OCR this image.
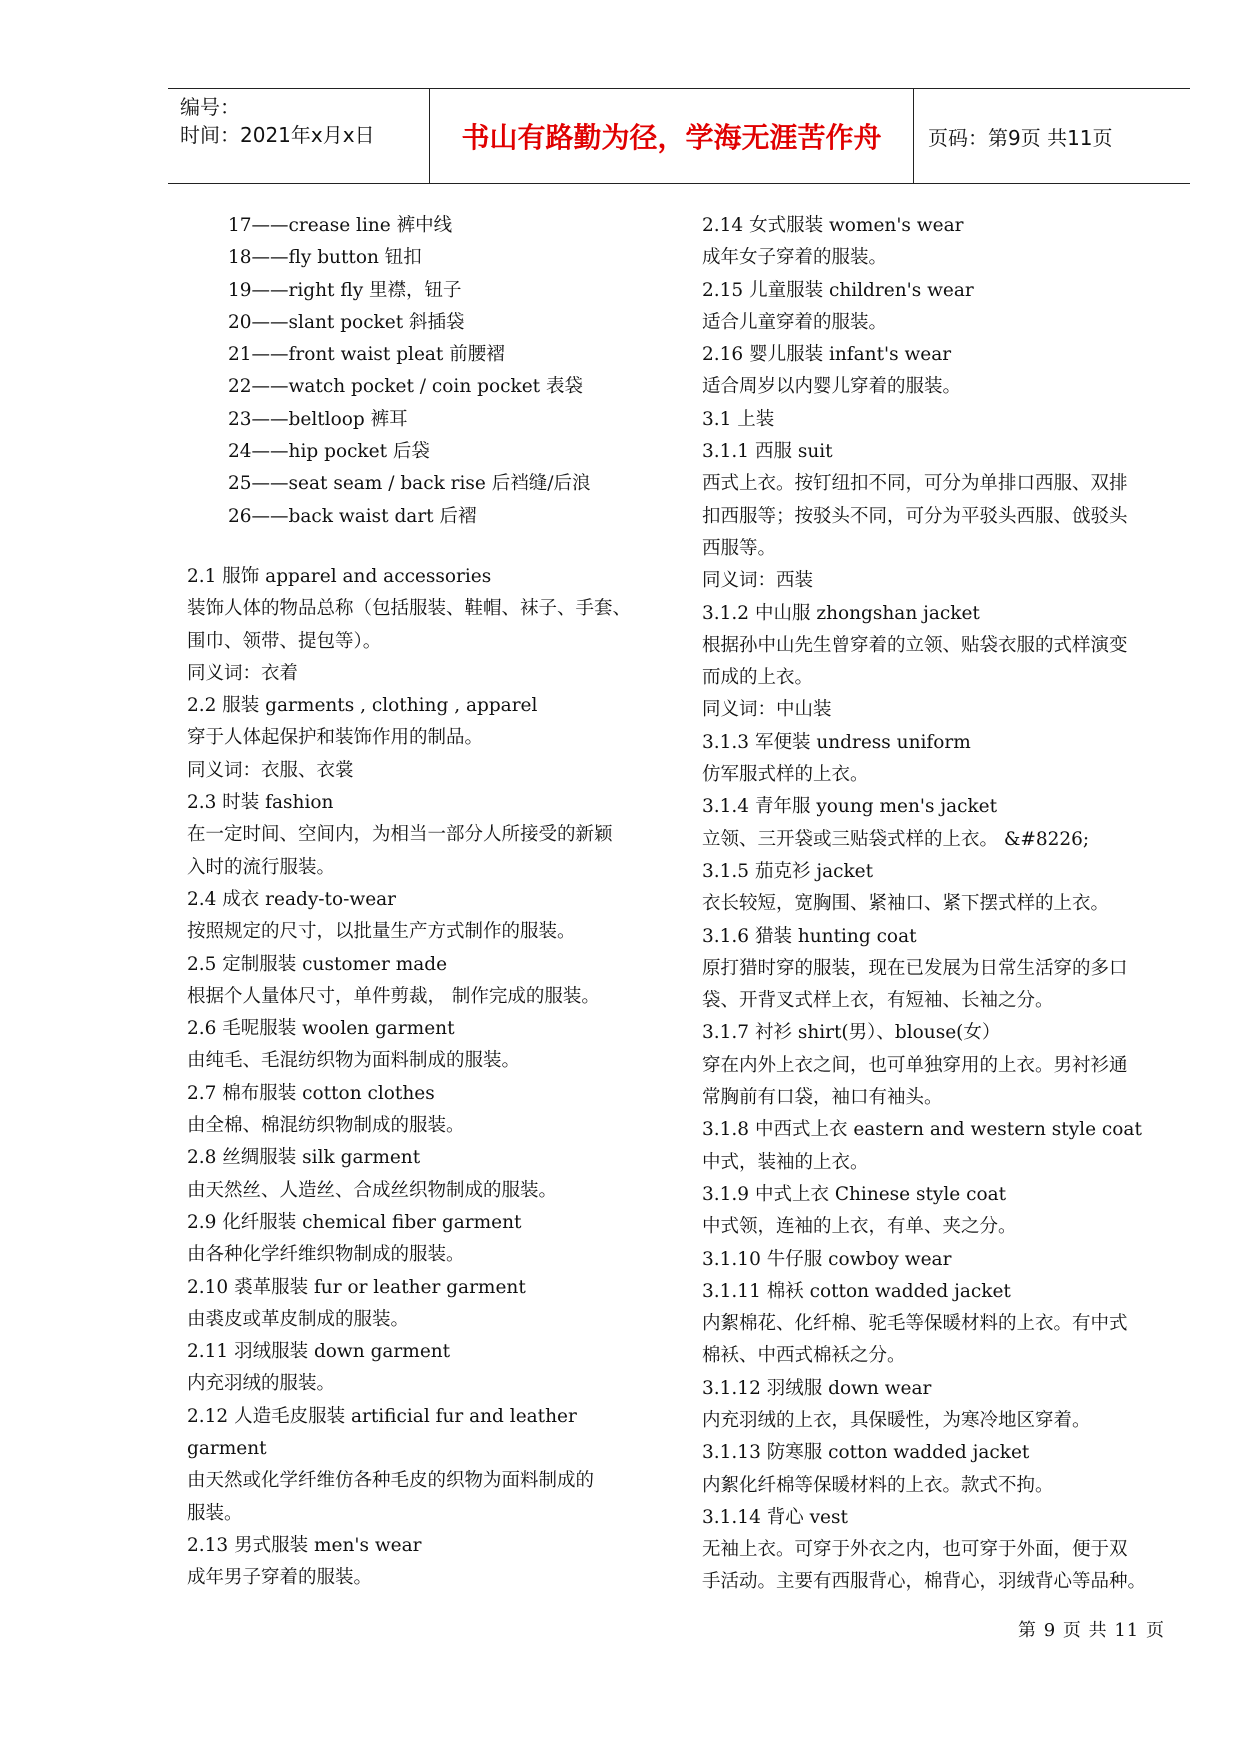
编号：
时间：2021年x月x日	书山有路勤为径，学海无涯苦作舟	页码：第9页 共11页
17——crease line 裤中线
18——fly button 钮扣
19——right fly 里襟，钮子
20——slant pocket 斜插袋
21——front waist pleat 前腰褶
22——watch pocket / coin pocket 表袋
23——beltloop 裤耳
24——hip pocket 后袋
25——seat seam / back rise 后裆缝/后浪
26——back waist dart 后褶
2.1 服饰 apparel and accessories
装饰人体的物品总称（包括服装、鞋帽、袜子、手套、
围巾、领带、提包等）。
同义词：衣着
2.2 服装 garments , clothing , apparel
穿于人体起保护和装饰作用的制品。
同义词：衣服、衣裳
2.3 时装 fashion
在一定时间、空间内，为相当一部分人所接受的新颖
入时的流行服装。
2.4 成衣 ready-to-wear
按照规定的尺寸，以批量生产方式制作的服装。
2.5 定制服装 customer made
根据个人量体尺寸，单件剪裁， 制作完成的服装。
2.6 毛呢服装 woolen garment
由纯毛、毛混纺织物为面料制成的服装。
2.7 棉布服装 cotton clothes
由全棉、棉混纺织物制成的服装。
2.8 丝绸服装 silk garment
由天然丝、人造丝、合成丝织物制成的服装。
2.9 化纤服装 chemical fiber garment
由各种化学纤维织物制成的服装。
2.10 裘革服装 fur or leather garment
由裘皮或革皮制成的服装。
2.11 羽绒服装 down garment
内充羽绒的服装。
2.12 人造毛皮服装 artificial fur and leather
garment
由天然或化学纤维仿各种毛皮的织物为面料制成的
服装。
2.13 男式服装 men's wear
成年男子穿着的服装。
2.14 女式服装 women's wear
成年女子穿着的服装。
2.15 儿童服装 children's wear
适合儿童穿着的服装。
2.16 婴儿服装 infant's wear
适合周岁以内婴儿穿着的服装。
3.1 上装
3.1.1 西服 suit
西式上衣。按钉纽扣不同，可分为单排口西服、双排
扣西服等；按驳头不同，可分为平驳头西服、戗驳头
西服等。
同义词：西装
3.1.2 中山服 zhongshan jacket
根据孙中山先生曾穿着的立领、贴袋衣服的式样演变
而成的上衣。
同义词：中山装
3.1.3 军便装 undress uniform
仿军服式样的上衣。
3.1.4 青年服 young men's jacket
立领、三开袋或三贴袋式样的上衣。 &#8226;
3.1.5 茄克衫 jacket
衣长较短，宽胸围、紧袖口、紧下摆式样的上衣。
3.1.6 猎装 hunting coat
原打猎时穿的服装，现在已发展为日常生活穿的多口
袋、开背叉式样上衣，有短袖、长袖之分。
3.1.7 衬衫 shirt(男）、blouse(女）
穿在内外上衣之间，也可单独穿用的上衣。男衬衫通
常胸前有口袋，袖口有袖头。
3.1.8 中西式上衣 eastern and western style coat
中式，装袖的上衣。
3.1.9 中式上衣 Chinese style coat
中式领，连袖的上衣，有单、夹之分。
3.1.10 牛仔服 cowboy wear
3.1.11 棉袄 cotton wadded jacket
内絮棉花、化纤棉、驼毛等保暖材料的上衣。有中式
棉袄、中西式棉袄之分。
3.1.12 羽绒服 down wear
内充羽绒的上衣，具保暖性，为寒冷地区穿着。
3.1.13 防寒服 cotton wadded jacket
内絮化纤棉等保暖材料的上衣。款式不拘。
3.1.14 背心 vest
无袖上衣。可穿于外衣之内，也可穿于外面，便于双
手活动。主要有西服背心，棉背心，羽绒背心等品种。
第 9 页 共 11 页
